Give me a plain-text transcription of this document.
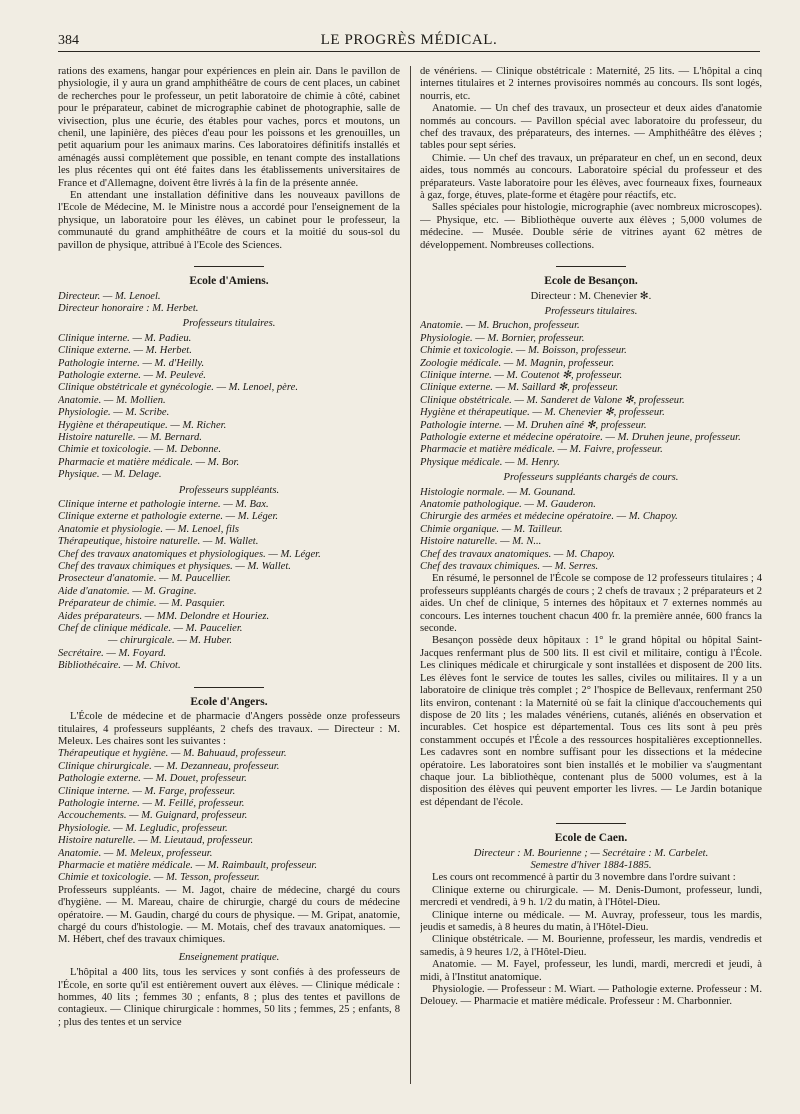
384	LE PROGRÈS MÉDICAL.

rations des examens, hangar pour expériences en plein air. Dans le pavillon de physiologie, il y aura un grand amphithéâtre de cours de cent places, un cabinet de recherches pour le professeur, un petit laboratoire de chimie à côté, cabinet pour le préparateur, cabinet de micrographie cabinet de photographie, salle de vivisection, plus une écurie, des étables pour vaches, porcs et moutons, un chenil, une lapinière, des pièces d'eau pour les poissons et les grenouilles, un petit aquarium pour les animaux marins. Ces laboratoires définitifs installés et aménagés aussi complètement que possible, en tenant compte des installations les plus récentes qui ont été faites dans les établissements universitaires de France et d'Allemagne, doivent être livrés à la fin de la présente année.

En attendant une installation définitive dans les nouveaux pavillons de l'Ecole de Médecine, M. le Ministre nous a accordé pour l'enseignement de la physique, un laboratoire pour les élèves, un cabinet pour le professeur, la communauté du grand amphithéâtre de cours et la moitié du sous-sol du pavillon de physique, attribué à l'Ecole des Sciences.

Ecole d'Amiens.

Directeur. — M. Lenoel.

Directeur honoraire : M. Herbet.

Professeurs titulaires.

Clinique interne. — M. Padieu.

Clinique externe. — M. Herbet.

Pathologie interne. — M. d'Heilly.

Pathologie externe. — M. Peulevé.

Clinique obstétricale et gynécologie. — M. Lenoel, père.

Anatomie. — M. Mollien.

Physiologie. — M. Scribe.

Hygiène et thérapeutique. — M. Richer.

Histoire naturelle. — M. Bernard.

Chimie et toxicologie. — M. Debonne.

Pharmacie et matière médicale. — M. Bor.

Physique. — M. Delage.

Professeurs suppléants.

Clinique interne et pathologie interne. — M. Bax.

Clinique externe et pathologie externe. — M. Léger.

Anatomie et physiologie. — M. Lenoel, fils

Thérapeutique, histoire naturelle. — M. Wallet.

Chef des travaux anatomiques et physiologiques. — M. Léger.

Chef des travaux chimiques et physiques. — M. Wallet.

Prosecteur d'anatomie. — M. Paucellier.

Aide d'anatomie. — M. Gragine.

Préparateur de chimie. — M. Pasquier.

Aides préparateurs. — MM. Delondre et Houriez.

Chef de clinique médicale. — M. Paucelier.

— chirurgicale. — M. Huber.

Secrétaire. — M. Foyard.

Bibliothécaire. — M. Chivot.

Ecole d'Angers.

L'École de médecine et de pharmacie d'Angers possède onze professeurs titulaires, 4 professeurs suppléants, 2 chefs des travaux. — Directeur : M. Meleux. Les chaires sont les suivantes :

Thérapeutique et hygiène. — M. Bahuaud, professeur.

Clinique chirurgicale. — M. Dezanneau, professeur.

Pathologie externe. — M. Douet, professeur.

Clinique interne. — M. Farge, professeur.

Pathologie interne. — M. Feillé, professeur.

Accouchements. — M. Guignard, professeur.

Physiologie. — M. Legludic, professeur.

Histoire naturelle. — M. Lieutaud, professeur.

Anatomie. — M. Meleux, professeur.

Pharmacie et matière médicale. — M. Raimbault, professeur.

Chimie et toxicologie. — M. Tesson, professeur.

Professeurs suppléants. — M. Jagot, chaire de médecine, chargé du cours d'hygiène. — M. Mareau, chaire de chirurgie, chargé du cours de médecine opératoire. — M. Gaudin, chargé du cours de physique. — M. Gripat, anatomie, chargé du cours d'histologie. — M. Motais, chef des travaux anatomiques. — M. Hébert, chef des travaux chimiques.

Enseignement pratique.

L'hôpital a 400 lits, tous les services y sont confiés à des professeurs de l'École, en sorte qu'il est entièrement ouvert aux élèves. — Clinique médicale : hommes, 40 lits ; femmes 30 ; enfants, 8 ; plus des tentes et pavillons de contagieux. — Clinique chirurgicale : hommes, 50 lits ; femmes, 25 ; enfants, 8 ; plus des tentes et un service

de vénériens. — Clinique obstétricale : Maternité, 25 lits. — L'hôpital a cinq internes titulaires et 2 internes provisoires nommés au concours. Ils sont logés, nourris, etc.

Anatomie. — Un chef des travaux, un prosecteur et deux aides d'anatomie nommés au concours. — Pavillon spécial avec laboratoire du professeur, du chef des travaux, des préparateurs, des internes. — Amphithéâtre des élèves ; tables pour sept séries.

Chimie. — Un chef des travaux, un préparateur en chef, un en second, deux aides, tous nommés au concours. Laboratoire spécial du professeur et des préparateurs. Vaste laboratoire pour les élèves, avec fourneaux fixes, fourneaux à gaz, forge, étuves, plate-forme et étagère pour réactifs, etc.

Salles spéciales pour histologie, micrographie (avec nombreux microscopes). — Physique, etc. — Bibliothèque ouverte aux élèves ; 5,000 volumes de médecine. — Musée. Double série de vitrines ayant 62 mètres de développement. Nombreuses collections.

Ecole de Besançon.
Directeur : M. Chenevier ✻.
Professeurs titulaires.

Anatomie. — M. Bruchon, professeur.

Physiologie. — M. Bornier, professeur.

Chimie et toxicologie. — M. Boisson, professeur.

Zoologie médicale. — M. Magnin, professeur.

Clinique interne. — M. Coutenot ✻, professeur.

Clinique externe. — M. Saillard ✻, professeur.

Clinique obstétricale. — M. Sanderet de Valone ✻, professeur.

Hygiène et thérapeutique. — M. Chenevier ✻, professeur.

Pathologie interne. — M. Druhen aîné ✻, professeur.

Pathologie externe et médecine opératoire. — M. Druhen jeune, professeur.

Pharmacie et matière médicale. — M. Faivre, professeur.

Physique médicale. — M. Henry.

Professeurs suppléants chargés de cours.

Histologie normale. — M. Gounand.

Anatomie pathologique. — M. Gauderon.

Chirurgie des armées et médecine opératoire. — M. Chapoy.

Chimie organique. — M. Tailleur.

Histoire naturelle. — M. N...

Chef des travaux anatomiques. — M. Chapoy.

Chef des travaux chimiques. — M. Serres.

En résumé, le personnel de l'École se compose de 12 professeurs titulaires ; 4 professeurs suppléants chargés de cours ; 2 chefs de travaux ; 2 préparateurs et 2 aides. Un chef de clinique, 5 internes des hôpitaux et 7 externes nommés au concours. Les internes touchent chacun 400 fr. la première année, 600 francs la seconde.

Besançon possède deux hôpitaux : 1° le grand hôpital ou hôpital Saint-Jacques renfermant plus de 500 lits. Il est civil et militaire, contigu à l'École. Les cliniques médicale et chirurgicale y sont installées et disposent de 200 lits. Les élèves font le service de toutes les salles, civiles ou militaires. Il y a un laboratoire de clinique très complet ; 2° l'hospice de Bellevaux, renfermant 250 lits environ, contenant : la Maternité où se fait la clinique d'accouchements qui dispose de 20 lits ; les malades vénériens, cutanés, aliénés en observation et incurables. Cet hospice est départemental. Tous ces lits sont à peu près constamment occupés et l'École a des ressources hospitalières exceptionnelles. Les cadavres sont en nombre suffisant pour les dissections et la médecine opératoire. Les laboratoires sont bien installés et le mobilier va s'augmentant chaque jour. La bibliothèque, contenant plus de 5000 volumes, est à la disposition des élèves qui peuvent emporter les livres. — Le Jardin botanique est dépendant de l'école.

Ecole de Caen.
Directeur : M. Bourienne ; — Secrétaire : M. Carbelet.
Semestre d'hiver 1884-1885.

Les cours ont recommencé à partir du 3 novembre dans l'ordre suivant :

Clinique externe ou chirurgicale. — M. Denis-Dumont, professeur, lundi, mercredi et vendredi, à 9 h. 1/2 du matin, à l'Hôtel-Dieu.

Clinique interne ou médicale. — M. Auvray, professeur, tous les mardis, jeudis et samedis, à 8 heures du matin, à l'Hôtel-Dieu.

Clinique obstétricale. — M. Bourienne, professeur, les mardis, vendredis et samedis, à 9 heures 1/2, à l'Hôtel-Dieu.

Anatomie. — M. Fayel, professeur, les lundi, mardi, mercredi et jeudi, à midi, à l'Institut anatomique.

Physiologie. — Professeur : M. Wiart. — Pathologie externe. Professeur : M. Delouey. — Pharmacie et matière médicale. Professeur : M. Charbonnier.
